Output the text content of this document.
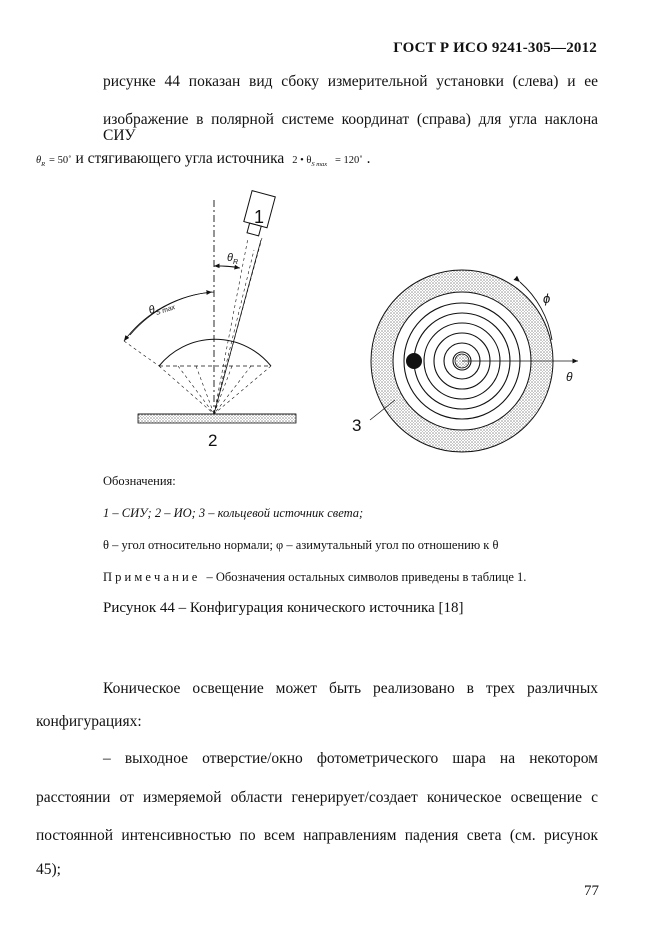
ГОСТ Р ИСО 9241-305—2012
рисунке 44 показан вид сбоку измерительной установки (слева) и ее
изображение в полярной системе координат (справа) для угла наклона СИУ
$\theta_R$ = 50˚ и стягивающего угла источника 2 • $\theta_{S max}$ = 120˚ .
1
$\theta_R$
$\theta_{S max}$
2
θ
ϕ
3
Обозначения:
1 – СИУ; 2 – ИО; 3 – кольцевой источник света;
θ – угол относительно нормали; φ – азимутальный угол по отношению к θ
П р и м е ч а н и е – Обозначения остальных символов приведены в таблице 1.
Рисунок 44 – Конфигурация конического источника [18]
Коническое освещение может быть реализовано в трех различных
конфигурациях:
– выходное отверстие/окно фотометрического шара на некотором
расстоянии от измеряемой области генерирует/создает коническое освещение с
постоянной интенсивностью по всем направлениям падения света (см. рисунок
45);
77
